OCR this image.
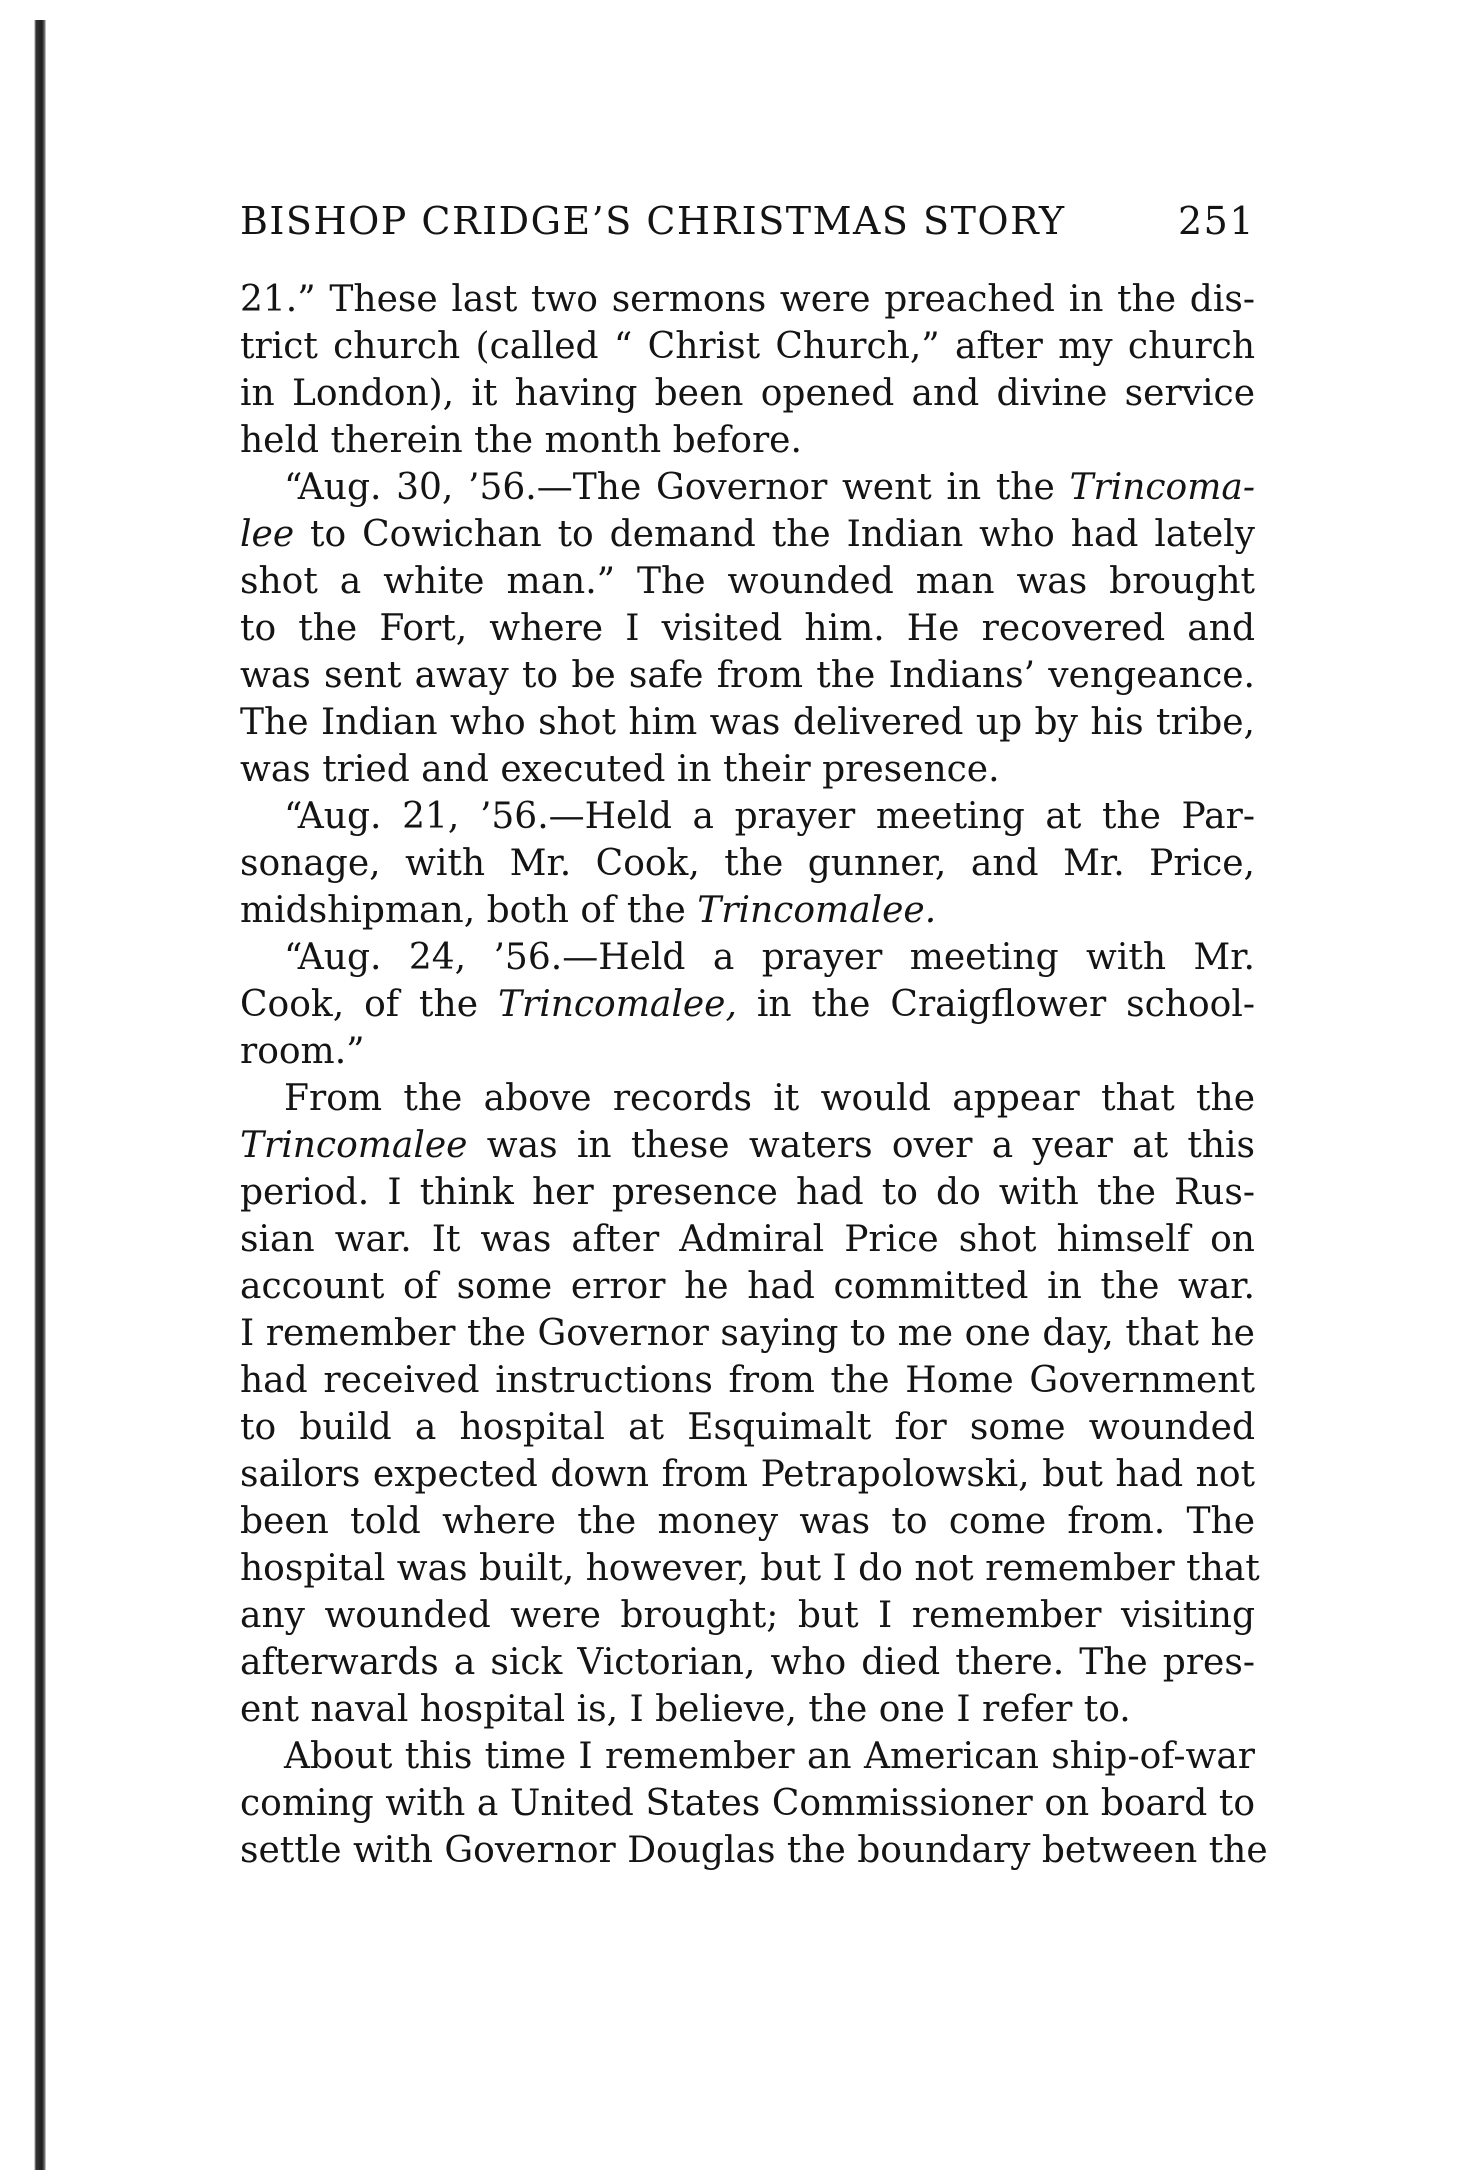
BISHOP CRIDGE’S CHRISTMAS STORY	251
21.” These last two sermons were preached in the dis-
trict church (called “ Christ Church,” after my church
in London), it having been opened and divine service
held therein the month before.
“Aug. 30, ’56.—The Governor went in the Trincoma-
lee to Cowichan to demand the Indian who had lately
shot a white man.” The wounded man was brought
to the Fort, where I visited him. He recovered and
was sent away to be safe from the Indians’ vengeance.
The Indian who shot him was delivered up by his tribe,
was tried and executed in their presence.
“Aug. 21, ’56.—Held a prayer meeting at the Par-
sonage, with Mr. Cook, the gunner, and Mr. Price,
midshipman, both of the Trincomalee.
“Aug. 24, ’56.—Held a prayer meeting with Mr.
Cook, of the Trincomalee, in the Craigflower school-
room.”
From the above records it would appear that the
Trincomalee was in these waters over a year at this
period. I think her presence had to do with the Rus-
sian war. It was after Admiral Price shot himself on
account of some error he had committed in the war.
I remember the Governor saying to me one day, that he
had received instructions from the Home Government
to build a hospital at Esquimalt for some wounded
sailors expected down from Petrapolowski, but had not
been told where the money was to come from. The
hospital was built, however, but I do not remember that
any wounded were brought; but I remember visiting
afterwards a sick Victorian, who died there. The pres-
ent naval hospital is, I believe, the one I refer to.
About this time I remember an American ship-of-war
coming with a United States Commissioner on board to
settle with Governor Douglas the boundary between the
